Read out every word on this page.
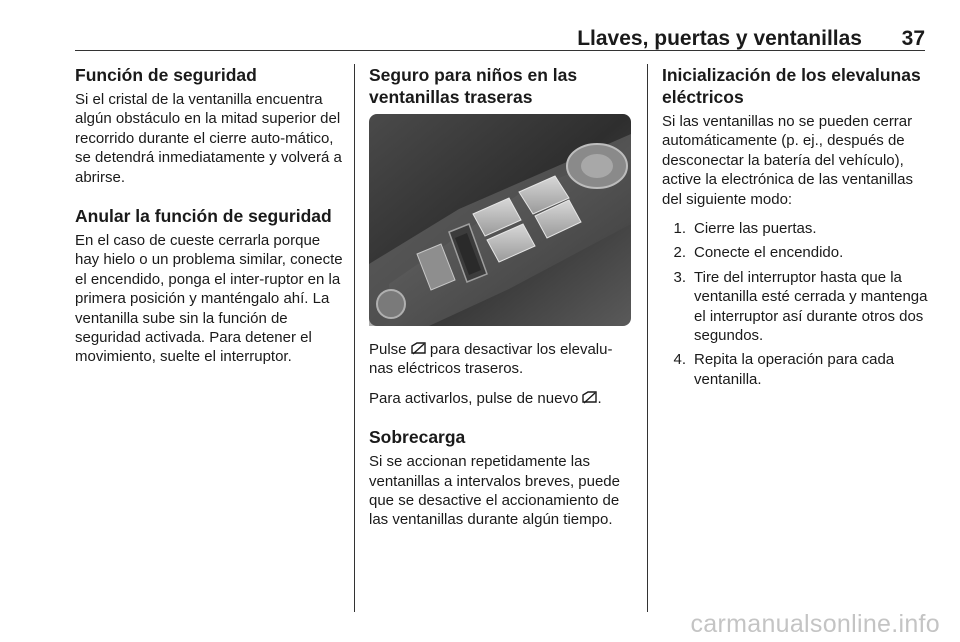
Llaves, puertas y ventanillas 37
Función de seguridad

Si el cristal de la ventanilla encuentra algún obstáculo en la mitad superior del recorrido durante el cierre auto-mático, se detendrá inmediatamente y volverá a abrirse.

Anular la función de seguridad

En el caso de cueste cerrarla porque hay hielo o un problema similar, conecte el encendido, ponga el inter-ruptor en la primera posición y manténgalo ahí. La ventanilla sube sin la función de seguridad activada. Para detener el movimiento, suelte el interruptor.

Seguro para niños en las ventanillas traseras

Pulse para desactivar los elevalu-nas eléctricos traseros.

Para activarlos, pulse de nuevo .

Sobrecarga

Si se accionan repetidamente las ventanillas a intervalos breves, puede que se desactive el accionamiento de las ventanillas durante algún tiempo.

Inicialización de los elevalunas eléctricos

Si las ventanillas no se pueden cerrar automáticamente (p. ej., después de desconectar la batería del vehículo), active la electrónica de las ventanillas del siguiente modo:

1. Cierre las puertas.
2. Conecte el encendido.
3. Tire del interruptor hasta que la ventanilla esté cerrada y mantenga el interruptor así durante otros dos segundos.
4. Repita la operación para cada ventanilla.
carmanualsonline.info
